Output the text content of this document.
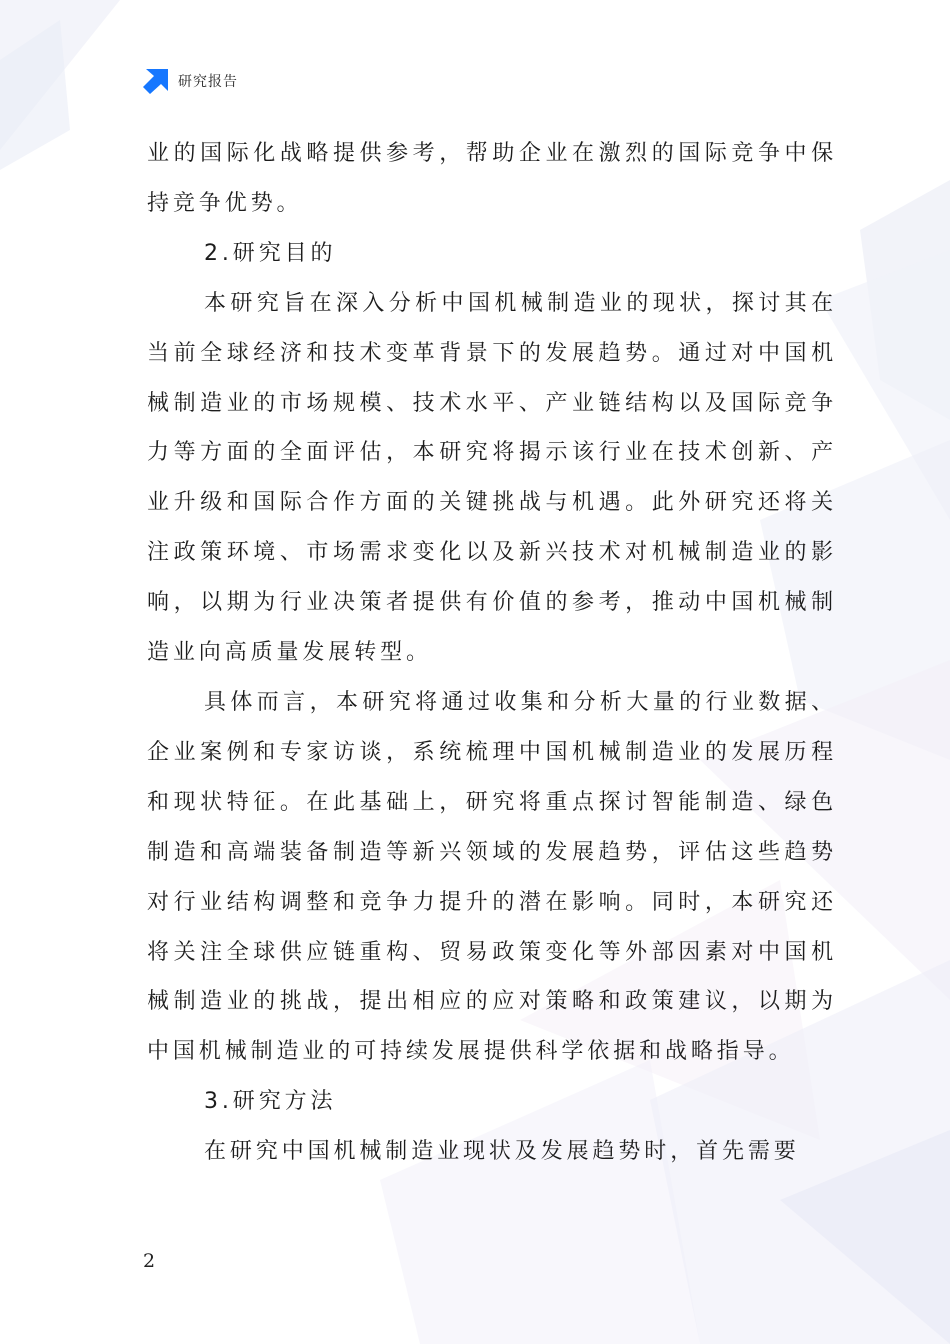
研究报告

业的国际化战略提供参考，帮助企业在激烈的国际竞争中保持竞争优势。

2.研究目的

本研究旨在深入分析中国机械制造业的现状，探讨其在当前全球经济和技术变革背景下的发展趋势。通过对中国机械制造业的市场规模、技术水平、产业链结构以及国际竞争力等方面的全面评估，本研究将揭示该行业在技术创新、产业升级和国际合作方面的关键挑战与机遇。此外研究还将关注政策环境、市场需求变化以及新兴技术对机械制造业的影响，以期为行业决策者提供有价值的参考，推动中国机械制造业向高质量发展转型。

具体而言，本研究将通过收集和分析大量的行业数据、企业案例和专家访谈，系统梳理中国机械制造业的发展历程和现状特征。在此基础上，研究将重点探讨智能制造、绿色制造和高端装备制造等新兴领域的发展趋势，评估这些趋势对行业结构调整和竞争力提升的潜在影响。同时，本研究还将关注全球供应链重构、贸易政策变化等外部因素对中国机械制造业的挑战，提出相应的应对策略和政策建议，以期为中国机械制造业的可持续发展提供科学依据和战略指导。

3.研究方法

在研究中国机械制造业现状及发展趋势时，首先需要

2
